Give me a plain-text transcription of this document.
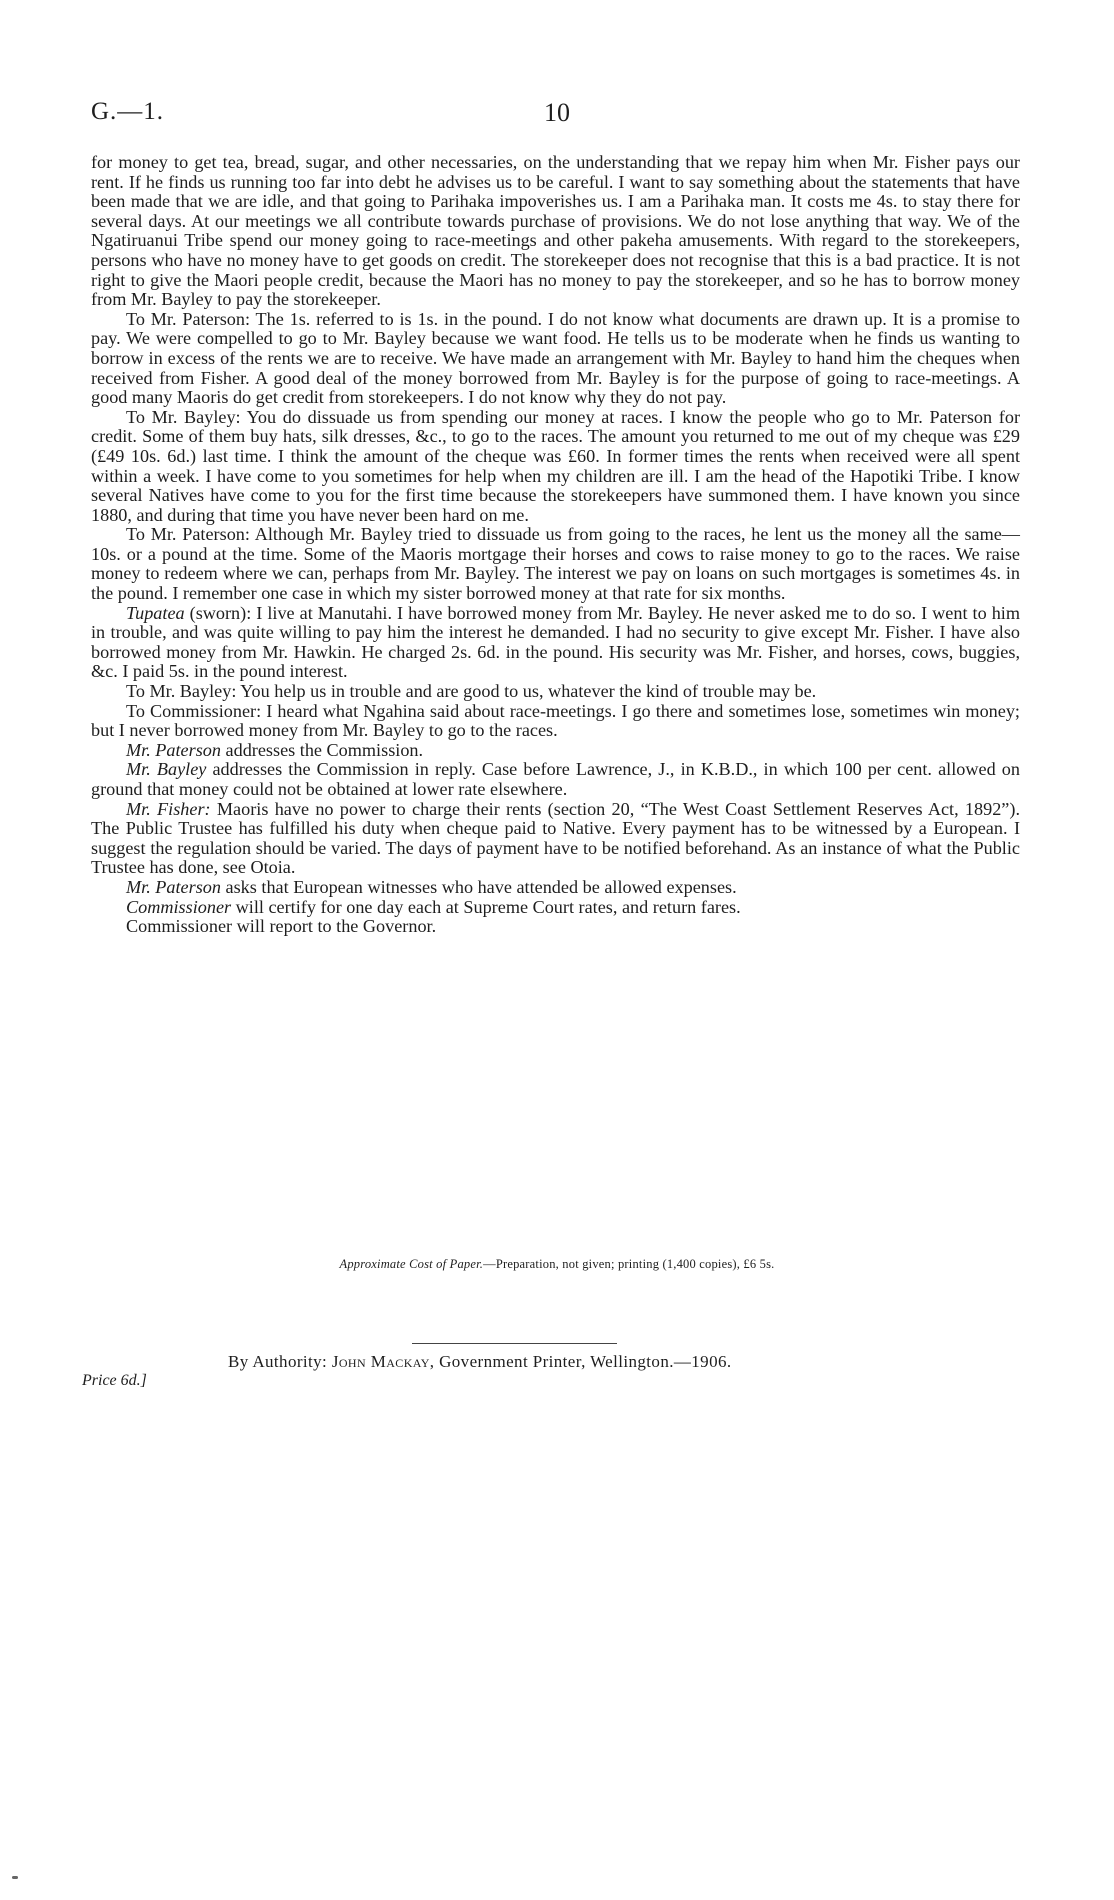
G.—1.	10

for money to get tea, bread, sugar, and other necessaries, on the understanding that we repay him when Mr. Fisher pays our rent. If he finds us running too far into debt he advises us to be careful. I want to say something about the statements that have been made that we are idle, and that going to Parihaka impoverishes us. I am a Parihaka man. It costs me 4s. to stay there for several days. At our meetings we all contribute towards purchase of provisions. We do not lose anything that way. We of the Ngatiruanui Tribe spend our money going to race-meetings and other pakeha amusements. With regard to the storekeepers, persons who have no money have to get goods on credit. The storekeeper does not recognise that this is a bad practice. It is not right to give the Maori people credit, because the Maori has no money to pay the storekeeper, and so he has to borrow money from Mr. Bayley to pay the storekeeper.

To Mr. Paterson: The 1s. referred to is 1s. in the pound. I do not know what documents are drawn up. It is a promise to pay. We were compelled to go to Mr. Bayley because we want food. He tells us to be moderate when he finds us wanting to borrow in excess of the rents we are to receive. We have made an arrangement with Mr. Bayley to hand him the cheques when received from Fisher. A good deal of the money borrowed from Mr. Bayley is for the purpose of going to race-meetings. A good many Maoris do get credit from storekeepers. I do not know why they do not pay.

To Mr. Bayley: You do dissuade us from spending our money at races. I know the people who go to Mr. Paterson for credit. Some of them buy hats, silk dresses, &c., to go to the races. The amount you returned to me out of my cheque was £29 (£49 10s. 6d.) last time. I think the amount of the cheque was £60. In former times the rents when received were all spent within a week. I have come to you sometimes for help when my children are ill. I am the head of the Hapotiki Tribe. I know several Natives have come to you for the first time because the storekeepers have summoned them. I have known you since 1880, and during that time you have never been hard on me.

To Mr. Paterson: Although Mr. Bayley tried to dissuade us from going to the races, he lent us the money all the same—10s. or a pound at the time. Some of the Maoris mortgage their horses and cows to raise money to go to the races. We raise money to redeem where we can, perhaps from Mr. Bayley. The interest we pay on loans on such mortgages is sometimes 4s. in the pound. I remember one case in which my sister borrowed money at that rate for six months.

Tupatea (sworn): I live at Manutahi. I have borrowed money from Mr. Bayley. He never asked me to do so. I went to him in trouble, and was quite willing to pay him the interest he demanded. I had no security to give except Mr. Fisher. I have also borrowed money from Mr. Hawkin. He charged 2s. 6d. in the pound. His security was Mr. Fisher, and horses, cows, buggies, &c. I paid 5s. in the pound interest.

To Mr. Bayley: You help us in trouble and are good to us, whatever the kind of trouble may be.

To Commissioner: I heard what Ngahina said about race-meetings. I go there and sometimes lose, sometimes win money; but I never borrowed money from Mr. Bayley to go to the races.

Mr. Paterson addresses the Commission.

Mr. Bayley addresses the Commission in reply. Case before Lawrence, J., in K.B.D., in which 100 per cent. allowed on ground that money could not be obtained at lower rate elsewhere.

Mr. Fisher: Maoris have no power to charge their rents (section 20, “The West Coast Settlement Reserves Act, 1892”). The Public Trustee has fulfilled his duty when cheque paid to Native. Every payment has to be witnessed by a European. I suggest the regulation should be varied. The days of payment have to be notified beforehand. As an instance of what the Public Trustee has done, see Otoia.

Mr. Paterson asks that European witnesses who have attended be allowed expenses.

Commissioner will certify for one day each at Supreme Court rates, and return fares.

Commissioner will report to the Governor.

Approximate Cost of Paper.—Preparation, not given; printing (1,400 copies), £6 5s.
Price 6d.]
By Authority: John Mackay, Government Printer, Wellington.—1906.
